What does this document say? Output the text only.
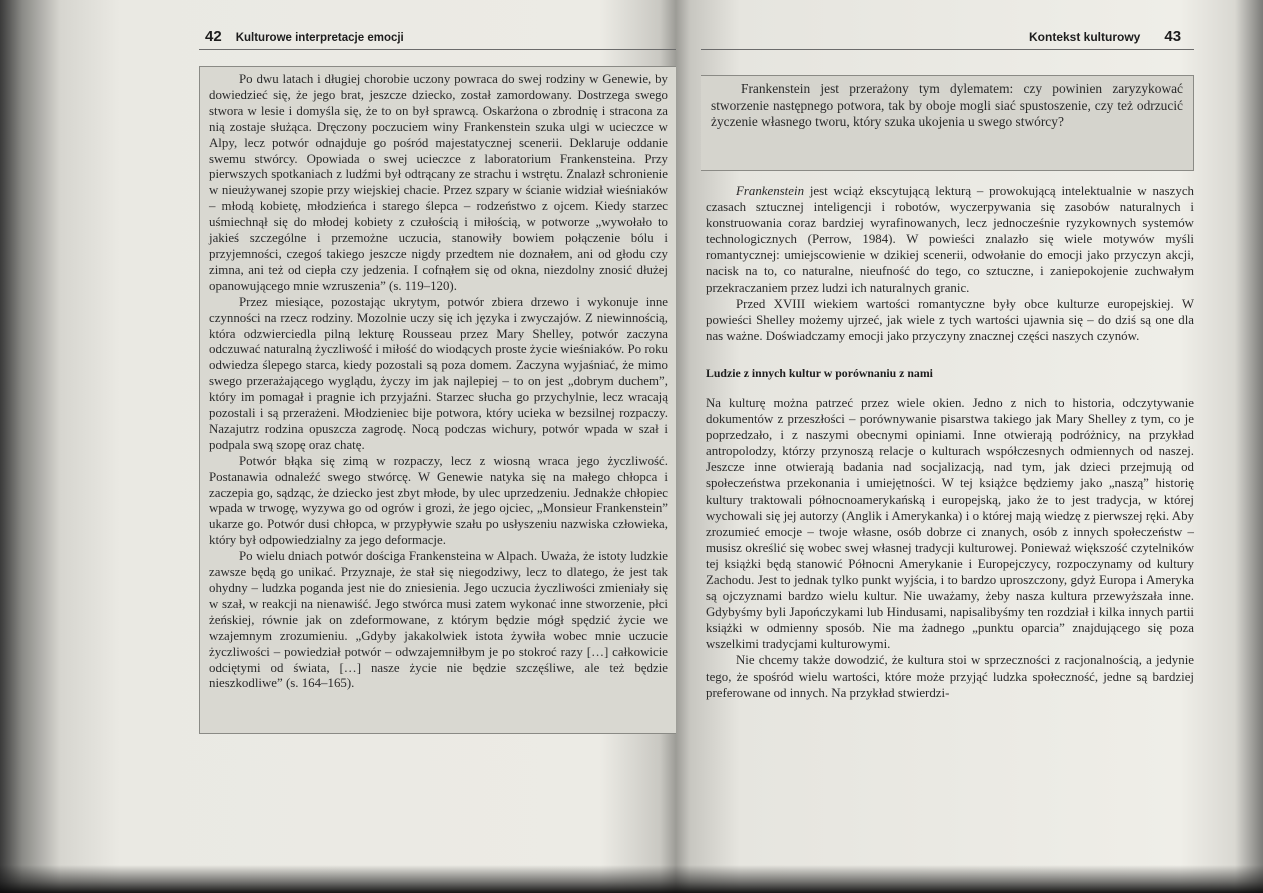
42 Kulturowe interpretacje emocji

Po dwu latach i długiej chorobie uczony powraca do swej rodziny w Genewie, by dowiedzieć się, że jego brat, jeszcze dziecko, został zamordowany. Dostrzega swego stwora w lesie i domyśla się, że to on był sprawcą. Oskarżona o zbrodnię i stracona za nią zostaje służąca. Dręczony poczuciem winy Frankenstein szuka ulgi w ucieczce w Alpy, lecz potwór odnajduje go pośród majestatycznej scenerii. Deklaruje oddanie swemu stwórcy. Opowiada o swej ucieczce z laboratorium Frankensteina. Przy pierwszych spotkaniach z ludźmi był odtrącany ze strachu i wstrętu. Znalazł schronienie w nieużywanej szopie przy wiejskiej chacie. Przez szpary w ścianie widział wieśniaków – młodą kobietę, młodzieńca i starego ślepca – rodzeństwo z ojcem. Kiedy starzec uśmiechnął się do młodej kobiety z czułością i miłością, w potworze „wywołało to jakieś szczególne i przemożne uczucia, stanowiły bowiem połączenie bólu i przyjemności, czegoś takiego jeszcze nigdy przedtem nie doznałem, ani od głodu czy zimna, ani też od ciepła czy jedzenia. I cofnąłem się od okna, niezdolny znosić dłużej opanowującego mnie wzruszenia” (s. 119–120).

Przez miesiące, pozostając ukrytym, potwór zbiera drzewo i wykonuje inne czynności na rzecz rodziny. Mozolnie uczy się ich języka i zwyczajów. Z niewinnością, która odzwierciedla pilną lekturę Rousseau przez Mary Shelley, potwór zaczyna odczuwać naturalną życzliwość i miłość do wiodących proste życie wieśniaków. Po roku odwiedza ślepego starca, kiedy pozostali są poza domem. Zaczyna wyjaśniać, że mimo swego przerażającego wyglądu, życzy im jak najlepiej – to on jest „dobrym duchem”, który im pomagał i pragnie ich przyjaźni. Starzec słucha go przychylnie, lecz wracają pozostali i są przerażeni. Młodzieniec bije potwora, który ucieka w bezsilnej rozpaczy. Nazajutrz rodzina opuszcza zagrodę. Nocą podczas wichury, potwór wpada w szał i podpala swą szopę oraz chatę.

Potwór błąka się zimą w rozpaczy, lecz z wiosną wraca jego życzliwość. Postanawia odnaleźć swego stwórcę. W Genewie natyka się na małego chłopca i zaczepia go, sądząc, że dziecko jest zbyt młode, by ulec uprzedzeniu. Jednakże chłopiec wpada w trwogę, wyzywa go od ogrów i grozi, że jego ojciec, „Monsieur Frankenstein” ukarze go. Potwór dusi chłopca, w przypływie szału po usłyszeniu nazwiska człowieka, który był odpowiedzialny za jego deformacje.

Po wielu dniach potwór dościga Frankensteina w Alpach. Uważa, że istoty ludzkie zawsze będą go unikać. Przyznaje, że stał się niegodziwy, lecz to dlatego, że jest tak ohydny – ludzka poganda jest nie do zniesienia. Jego uczucia życzliwości zmieniały się w szał, w reakcji na nienawiść. Jego stwórca musi zatem wykonać inne stworzenie, płci żeńskiej, równie jak on zdeformowane, z którym będzie mógł spędzić życie we wzajemnym zrozumieniu. „Gdyby jakakolwiek istota żywiła wobec mnie uczucie życzliwości – powiedział potwór – odwzajemniłbym je po stokroć razy […] całkowicie odciętymi od świata, […] nasze życie nie będzie szczęśliwe, ale też będzie nieszkodliwe” (s. 164–165).

Kontekst kulturowy 43

Frankenstein jest przerażony tym dylematem: czy powinien zaryzykować stworzenie następnego potwora, tak by oboje mogli siać spustoszenie, czy też odrzucić życzenie własnego tworu, który szuka ukojenia u swego stwórcy?

Frankenstein jest wciąż ekscytującą lekturą – prowokującą intelektualnie w naszych czasach sztucznej inteligencji i robotów, wyczerpywania się zasobów naturalnych i konstruowania coraz bardziej wyrafinowanych, lecz jednocześnie ryzykownych systemów technologicznych (Perrow, 1984). W powieści znalazło się wiele motywów myśli romantycznej: umiejscowienie w dzikiej scenerii, odwołanie do emocji jako przyczyn akcji, nacisk na to, co naturalne, nieufność do tego, co sztuczne, i zaniepokojenie zuchwałym przekraczaniem przez ludzi ich naturalnych granic.

Przed XVIII wiekiem wartości romantyczne były obce kulturze europejskiej. W powieści Shelley możemy ujrzeć, jak wiele z tych wartości ujawnia się – do dziś są one dla nas ważne. Doświadczamy emocji jako przyczyny znacznej części naszych czynów.

Ludzie z innych kultur w porównaniu z nami

Na kulturę można patrzeć przez wiele okien. Jedno z nich to historia, odczytywanie dokumentów z przeszłości – porównywanie pisarstwa takiego jak Mary Shelley z tym, co je poprzedzało, i z naszymi obecnymi opiniami. Inne otwierają podróżnicy, na przykład antropolodzy, którzy przynoszą relacje o kulturach współczesnych odmiennych od naszej. Jeszcze inne otwierają badania nad socjalizacją, nad tym, jak dzieci przejmują od społeczeństwa przekonania i umiejętności. W tej książce będziemy jako „naszą” historię kultury traktowali północnoamerykańską i europejską, jako że to jest tradycja, w której wychowali się jej autorzy (Anglik i Amerykanka) i o której mają wiedzę z pierwszej ręki. Aby zrozumieć emocje – twoje własne, osób dobrze ci znanych, osób z innych społeczeństw – musisz określić się wobec swej własnej tradycji kulturowej. Ponieważ większość czytelników tej książki będą stanowić Północni Amerykanie i Europejczycy, rozpoczynamy od kultury Zachodu. Jest to jednak tylko punkt wyjścia, i to bardzo uproszczony, gdyż Europa i Ameryka są ojczyznami bardzo wielu kultur. Nie uważamy, żeby nasza kultura przewyższała inne. Gdybyśmy byli Japończykami lub Hindusami, napisalibyśmy ten rozdział i kilka innych partii książki w odmienny sposób. Nie ma żadnego „punktu oparcia” znajdującego się poza wszelkimi tradycjami kulturowymi.

Nie chcemy także dowodzić, że kultura stoi w sprzeczności z racjonalnością, a jedynie tego, że spośród wielu wartości, które może przyjąć ludzka społeczność, jedne są bardziej preferowane od innych. Na przykład stwierdzi-
